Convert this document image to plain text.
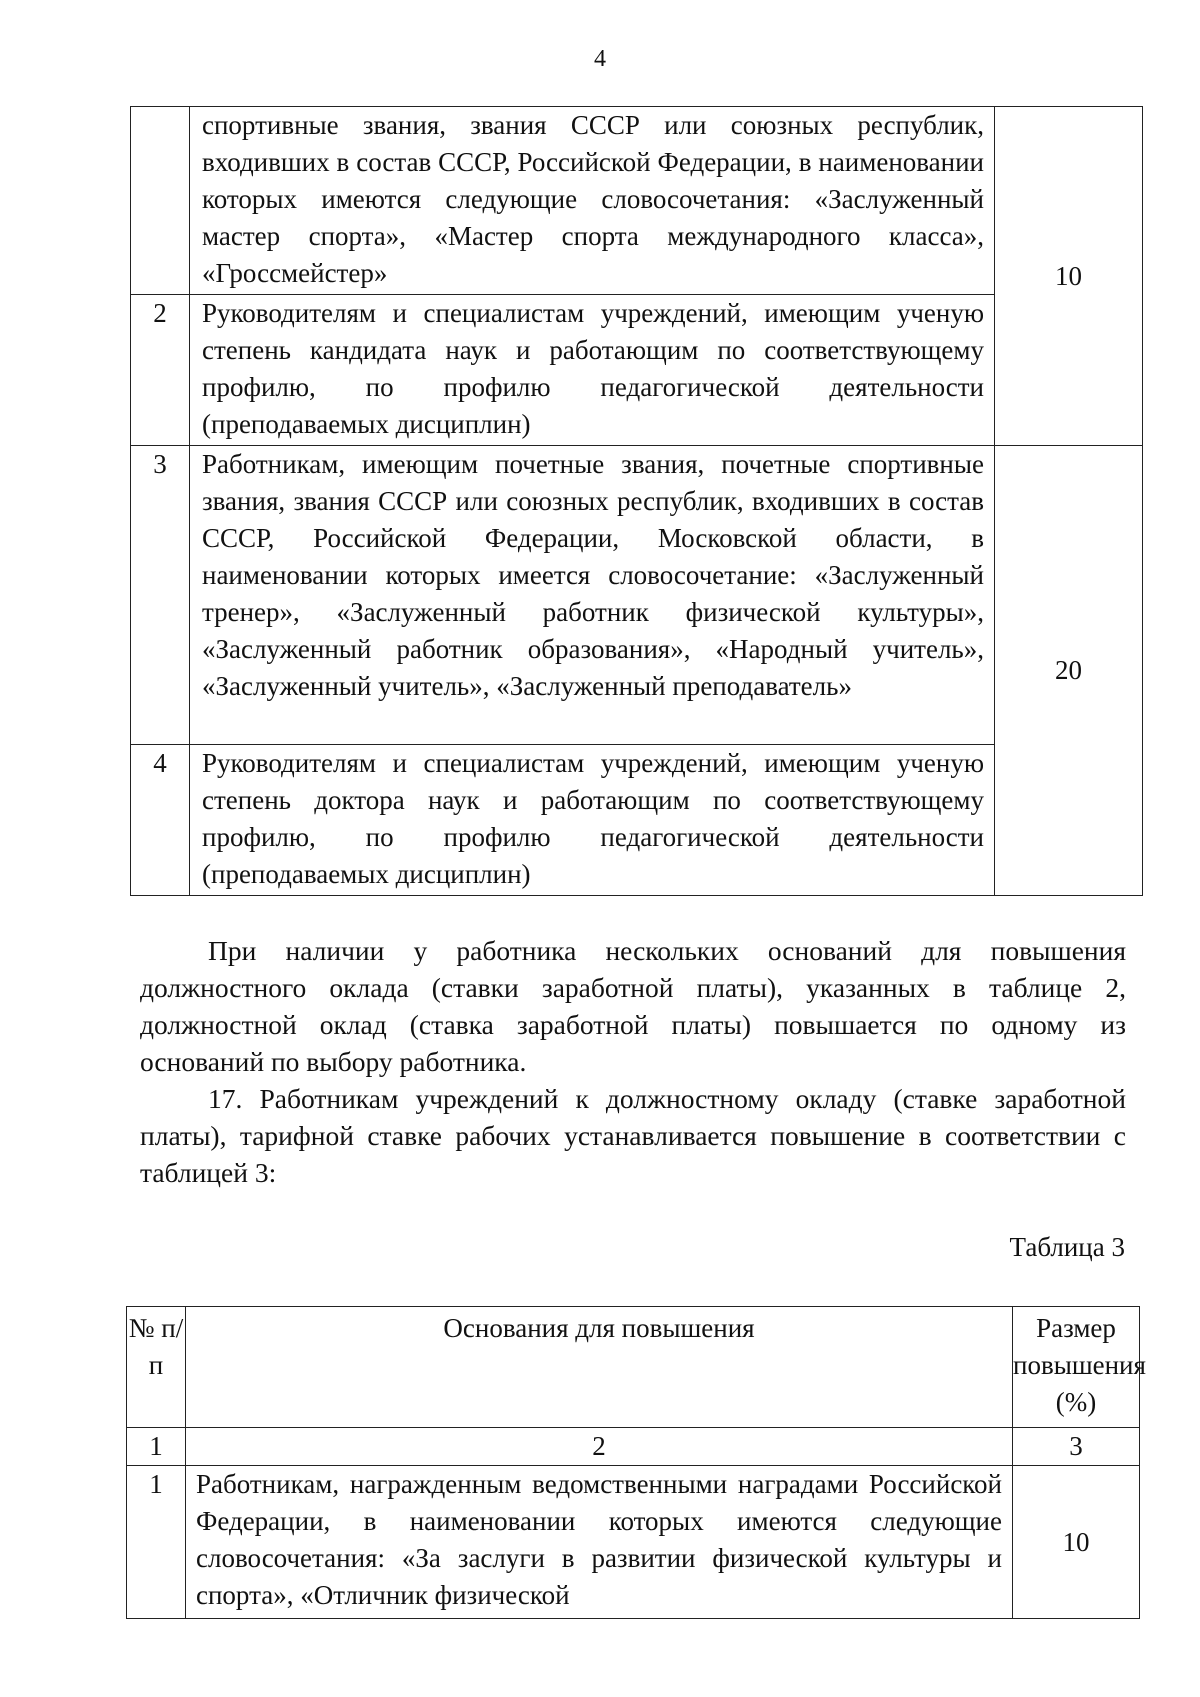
4
	спортивные звания, звания СССР или союзных республик, входивших в состав СССР, Российской Федерации, в наименовании которых имеются следующие словосочетания: «Заслуженный мастер спорта», «Мастер спорта международного класса», «Гроссмейстер»	10
2	Руководителям и специалистам учреждений, имеющим ученую степень кандидата наук и работающим по соответствующему профилю, по профилю педагогической деятельности (преподаваемых дисциплин)	
3	Работникам, имеющим почетные звания, почетные спортивные звания, звания СССР или союзных республик, входивших в состав СССР, Российской Федерации, Московской области, в наименовании которых имеется словосочетание: «Заслуженный тренер», «Заслуженный работник физической культуры», «Заслуженный работник образования», «Народный учитель», «Заслуженный учитель», «Заслуженный преподаватель»	20
4	Руководителям и специалистам учреждений, имеющим ученую степень доктора наук и работающим по соответствующему профилю, по профилю педагогической деятельности (преподаваемых дисциплин)	

При наличии у работника нескольких оснований для повышения должностного оклада (ставки заработной платы), указанных в таблице 2, должностной оклад (ставка заработной платы) повышается по одному из оснований по выбору работника.

17. Работникам учреждений к должностному окладу (ставке заработной платы), тарифной ставке рабочих устанавливается повышение в соответствии с таблицей 3:

Таблица 3
№ п/п	Основания для повышения	Размер повышения (%)
1	2	3
1	Работникам, награжденным ведомственными наградами Российской Федерации, в наименовании которых имеются следующие словосочетания: «За заслуги в развитии физической культуры и спорта», «Отличник физической	10
